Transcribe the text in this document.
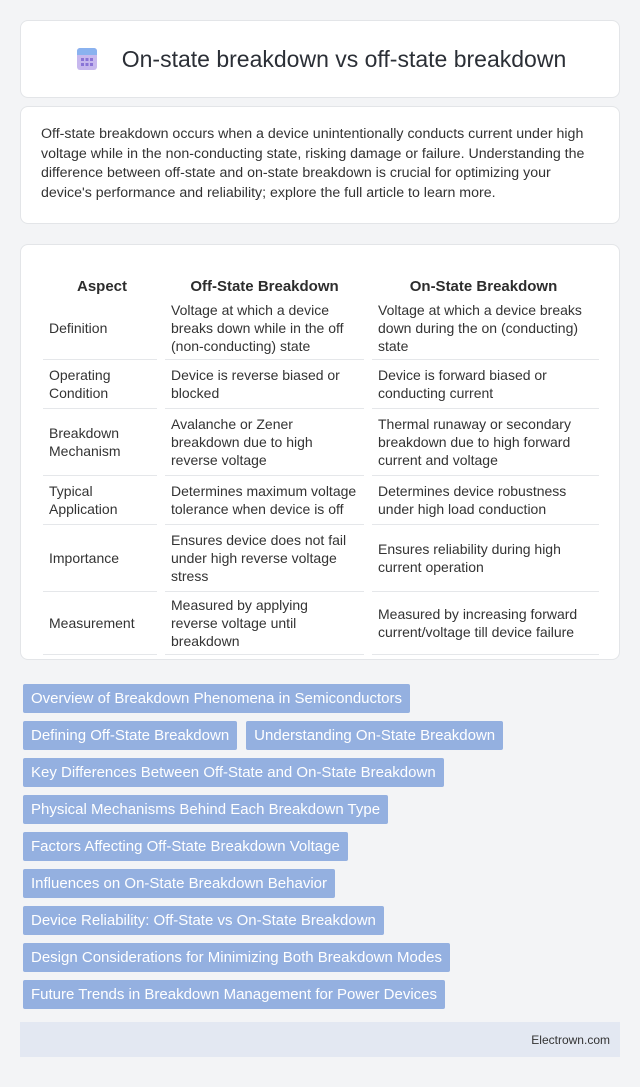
On-state breakdown vs off-state breakdown

Off-state breakdown occurs when a device unintentionally conducts current under high voltage while in the non-conducting state, risking damage or failure. Understanding the difference between off-state and on-state breakdown is crucial for optimizing your device's performance and reliability; explore the full article to learn more.

Aspect	Off-State Breakdown	On-State Breakdown
Definition	Voltage at which a device breaks down while in the off (non-conducting) state	Voltage at which a device breaks down during the on (conducting) state
Operating Condition	Device is reverse biased or blocked	Device is forward biased or conducting current
Breakdown Mechanism	Avalanche or Zener breakdown due to high reverse voltage	Thermal runaway or secondary breakdown due to high forward current and voltage
Typical Application	Determines maximum voltage tolerance when device is off	Determines device robustness under high load conduction
Importance	Ensures device does not fail under high reverse voltage stress	Ensures reliability during high current operation
Measurement	Measured by applying reverse voltage until breakdown	Measured by increasing forward current/voltage till device failure
Overview of Breakdown Phenomena in Semiconductors
Defining Off-State Breakdown	Understanding On-State Breakdown
Key Differences Between Off-State and On-State Breakdown
Physical Mechanisms Behind Each Breakdown Type
Factors Affecting Off-State Breakdown Voltage
Influences on On-State Breakdown Behavior
Device Reliability: Off-State vs On-State Breakdown
Design Considerations for Minimizing Both Breakdown Modes
Future Trends in Breakdown Management for Power Devices
Electrown.com
